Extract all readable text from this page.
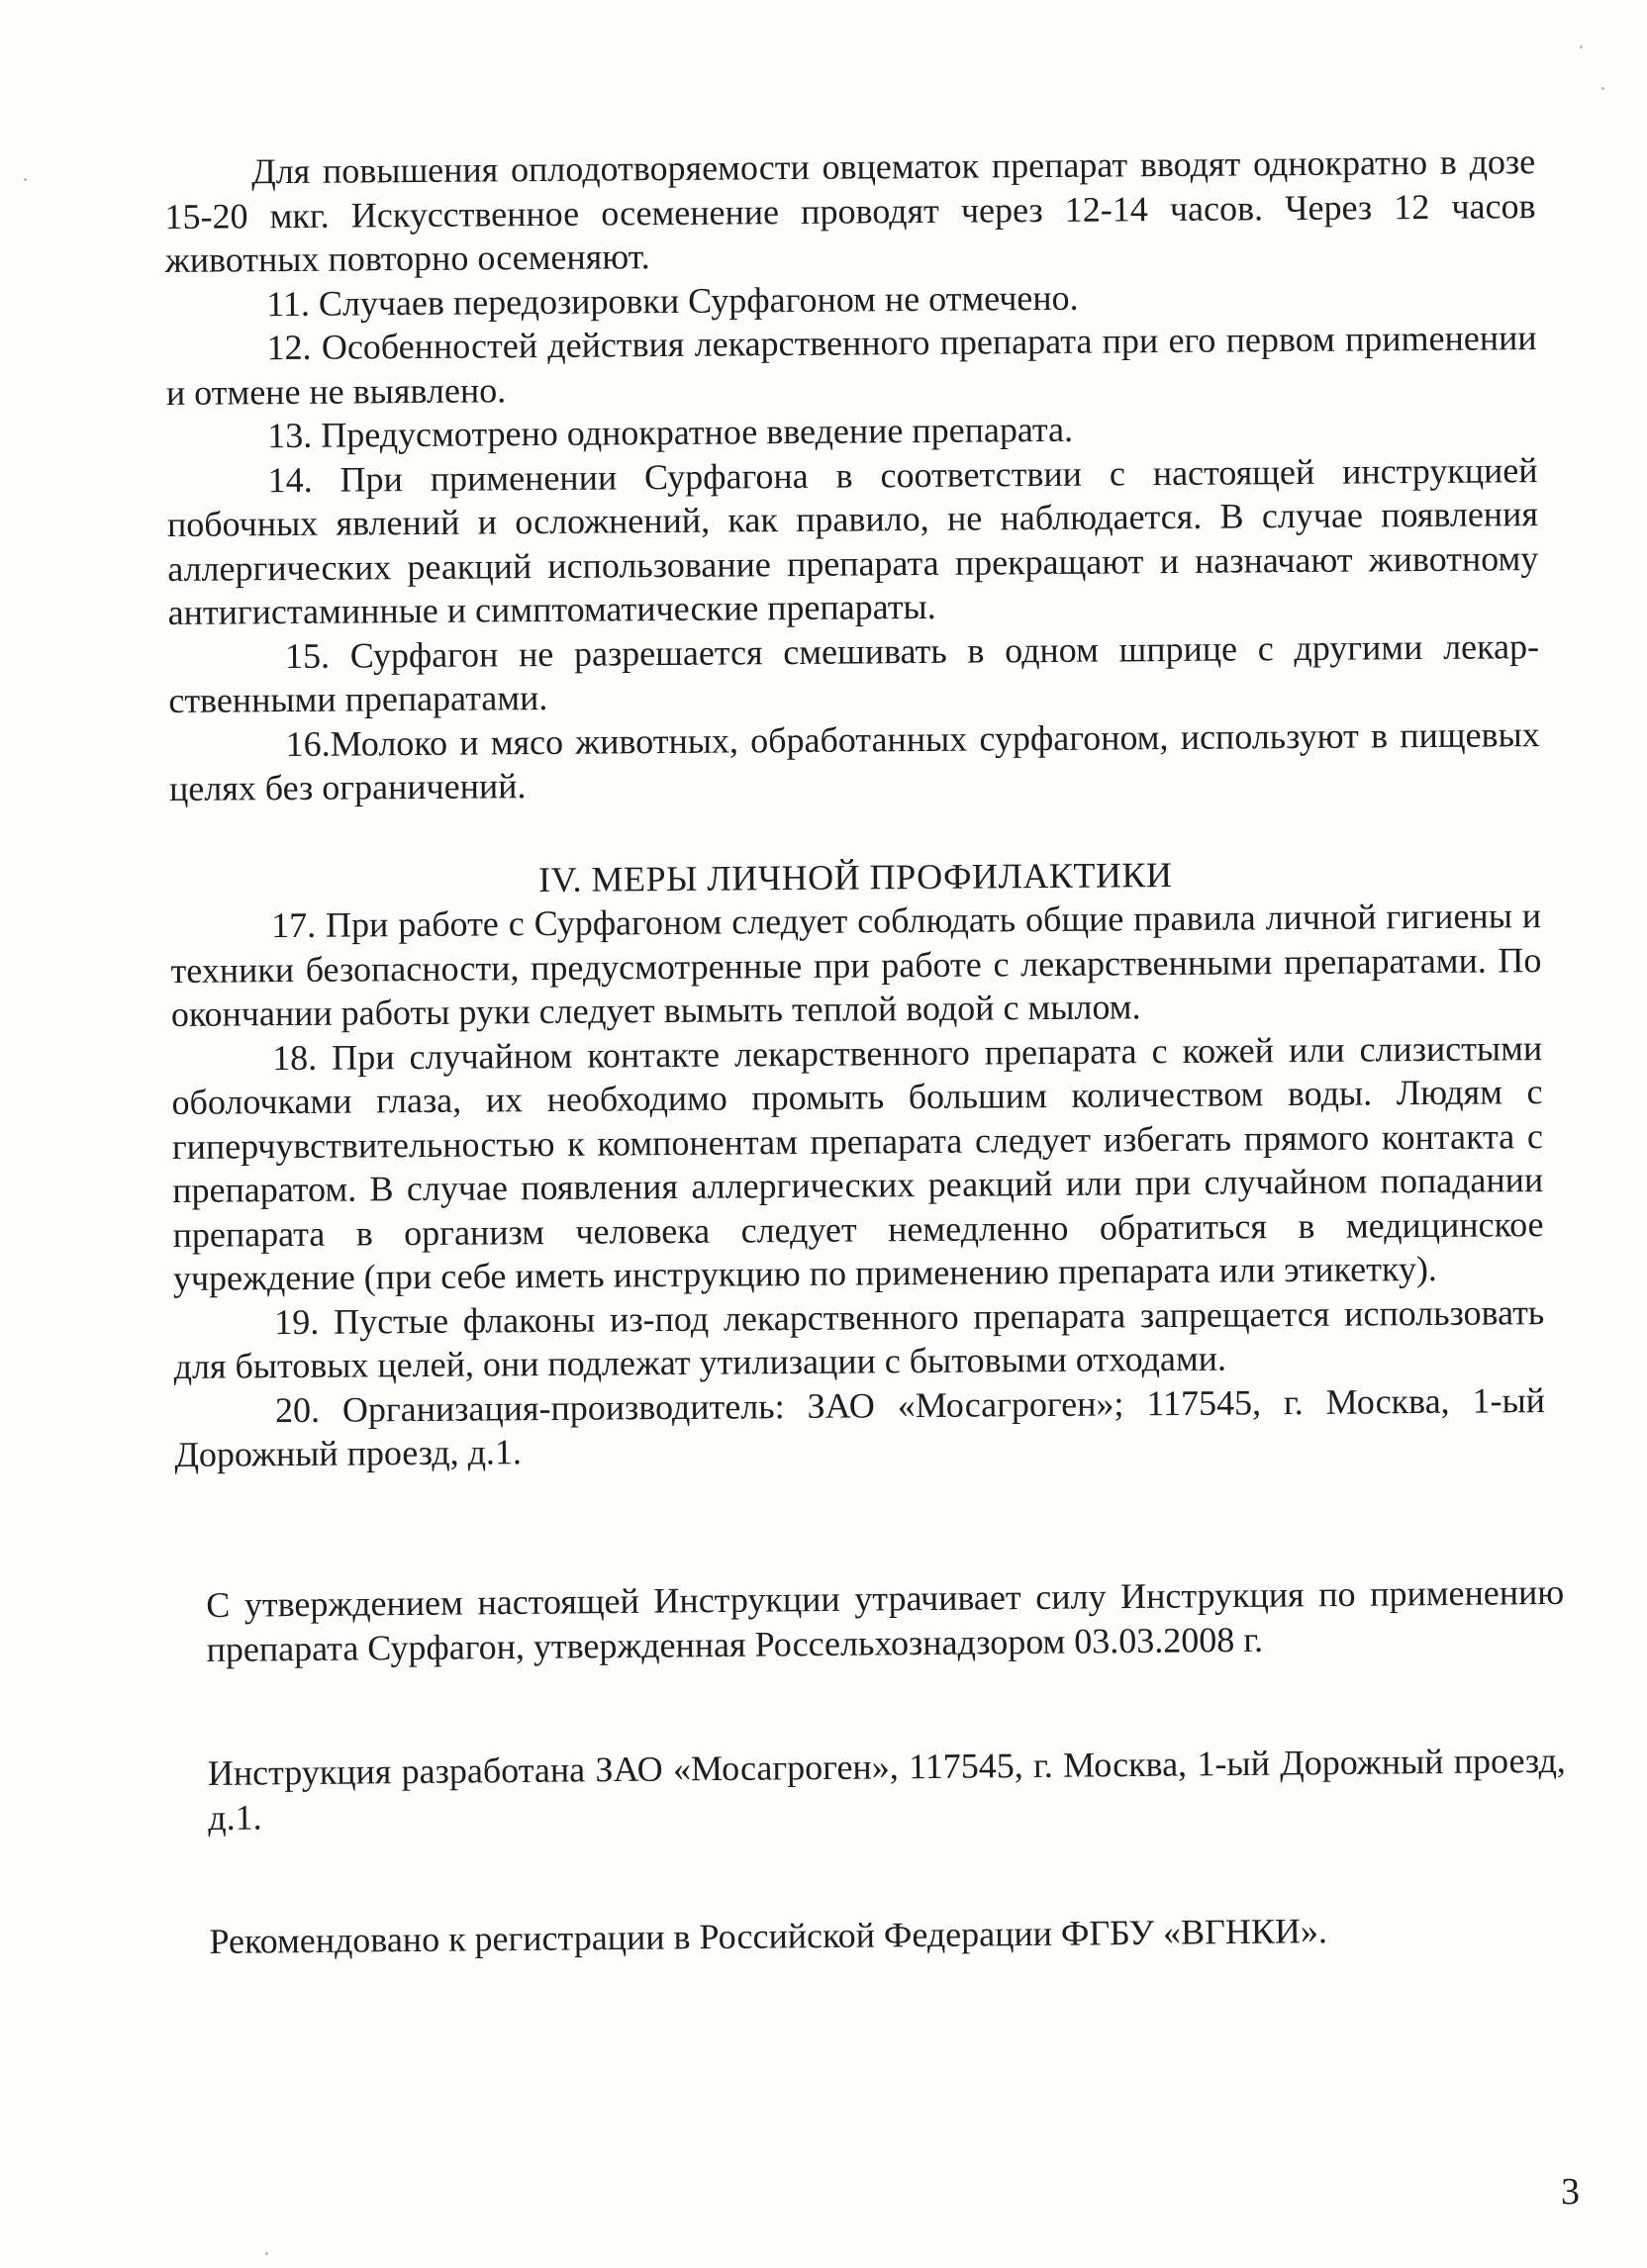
Для повышения оплодотворяемости овцематок препарат вводят однократно в дозе 15-20 мкг. Искусственное осеменение проводят через 12-14 часов. Через 12 часов животных повторно осеменяют.

11. Случаев передозировки Сурфагоном не отмечено.

12. Особенностей действия лекарственного препарата при его первом приmенении и отмене не выявлено.

13. Предусмотрено однократное введение препарата.

14. При применении Сурфагона в соответствии с настоящей инструкцией побочных явлений и осложнений, как правило, не наблюдается. В случае появления аллергических реакций использование препарата прекращают и назначают животному антигистаминные и симптоматические препараты.

15. Сурфагон не разрешается смешивать в одном шприце с другими лекарственными препаратами.

16.Молоко и мясо животных, обработанных сурфагоном, используют в пищевых целях без ограничений.

IV. МЕРЫ ЛИЧНОЙ ПРОФИЛАКТИКИ

17. При работе с Сурфагоном следует соблюдать общие правила личной гигиены и техники безопасности, предусмотренные при работе с лекарственными препаратами. По окончании работы руки следует вымыть теплой водой с мылом.

18. При случайном контакте лекарственного препарата с кожей или слизистыми оболочками глаза, их необходимо промыть большим количеством воды. Людям с гиперчувствительностью к компонентам препарата следует избегать прямого контакта с препаратом. В случае появления аллергических реакций или при случайном попадании препарата в организм человека следует немедленно обратиться в медицинское учреждение (при себе иметь инструкцию по применению препарата или этикетку).

19. Пустые флаконы из-под лекарственного препарата запрещается использовать для бытовых целей, они подлежат утилизации с бытовыми отходами.

20. Организация-производитель: ЗАО «Мосагроген»; 117545, г. Москва, 1-ый Дорожный проезд, д.1.

С утверждением настоящей Инструкции утрачивает силу Инструкция по применению препарата Сурфагон, утвержденная Россельхознадзором 03.03.2008 г.

Инструкция разработана ЗАО «Мосагроген», 117545, г. Москва, 1-ый Дорожный проезд, д.1.

Рекомендовано к регистрации в Российской Федерации ФГБУ «ВГНКИ».

3
